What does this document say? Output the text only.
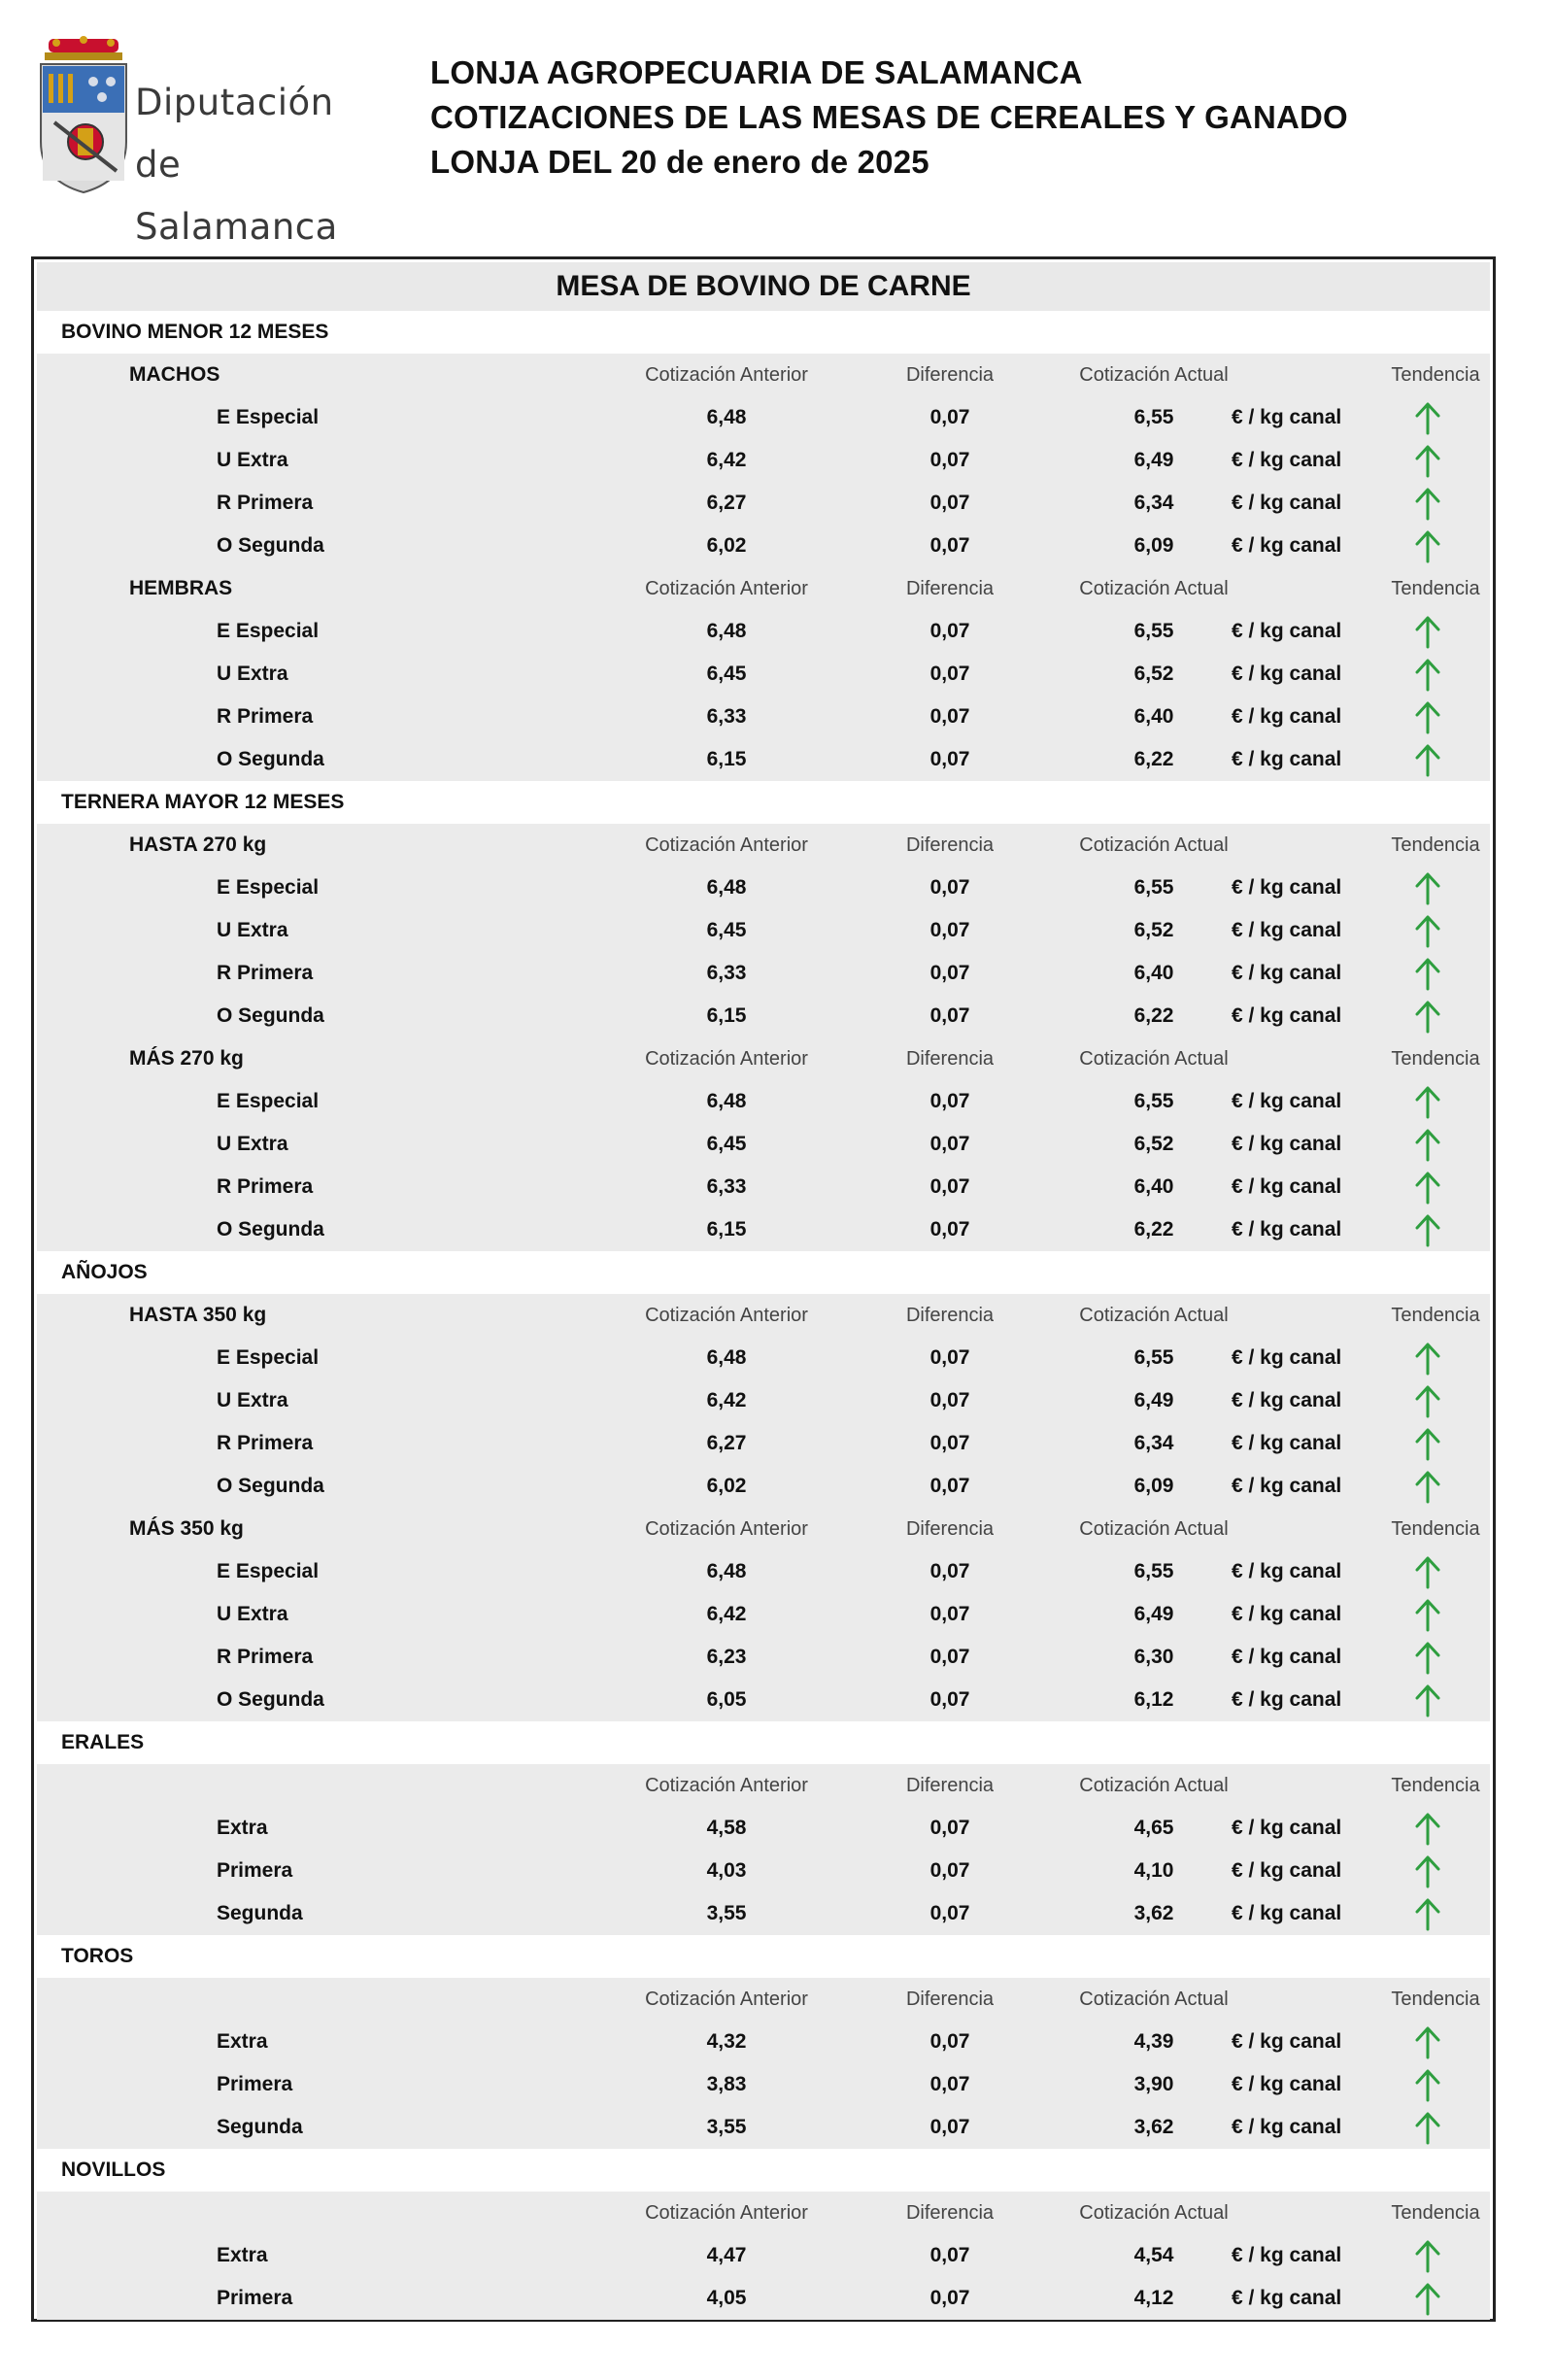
Diputación
de Salamanca
LONJA AGROPECUARIA DE SALAMANCA
COTIZACIONES DE LAS MESAS DE CEREALES Y GANADO
LONJA DEL 20 de enero de 2025
MESA DE BOVINO DE CARNE
BOVINO MENOR 12 MESES
MACHOS	Cotización Anterior	Diferencia	Cotización Actual	Tendencia
E Especial	6,48	0,07	6,55	€ / kg canal
U Extra	6,42	0,07	6,49	€ / kg canal
R Primera	6,27	0,07	6,34	€ / kg canal
O Segunda	6,02	0,07	6,09	€ / kg canal
HEMBRAS	Cotización Anterior	Diferencia	Cotización Actual	Tendencia
E Especial	6,48	0,07	6,55	€ / kg canal
U Extra	6,45	0,07	6,52	€ / kg canal
R Primera	6,33	0,07	6,40	€ / kg canal
O Segunda	6,15	0,07	6,22	€ / kg canal
TERNERA MAYOR 12 MESES
HASTA 270 kg	Cotización Anterior	Diferencia	Cotización Actual	Tendencia
E Especial	6,48	0,07	6,55	€ / kg canal
U Extra	6,45	0,07	6,52	€ / kg canal
R Primera	6,33	0,07	6,40	€ / kg canal
O Segunda	6,15	0,07	6,22	€ / kg canal
MÁS 270 kg	Cotización Anterior	Diferencia	Cotización Actual	Tendencia
E Especial	6,48	0,07	6,55	€ / kg canal
U Extra	6,45	0,07	6,52	€ / kg canal
R Primera	6,33	0,07	6,40	€ / kg canal
O Segunda	6,15	0,07	6,22	€ / kg canal
AÑOJOS
HASTA 350 kg	Cotización Anterior	Diferencia	Cotización Actual	Tendencia
E Especial	6,48	0,07	6,55	€ / kg canal
U Extra	6,42	0,07	6,49	€ / kg canal
R Primera	6,27	0,07	6,34	€ / kg canal
O Segunda	6,02	0,07	6,09	€ / kg canal
MÁS 350 kg	Cotización Anterior	Diferencia	Cotización Actual	Tendencia
E Especial	6,48	0,07	6,55	€ / kg canal
U Extra	6,42	0,07	6,49	€ / kg canal
R Primera	6,23	0,07	6,30	€ / kg canal
O Segunda	6,05	0,07	6,12	€ / kg canal
ERALES
Cotización Anterior	Diferencia	Cotización Actual	Tendencia
Extra	4,58	0,07	4,65	€ / kg canal
Primera	4,03	0,07	4,10	€ / kg canal
Segunda	3,55	0,07	3,62	€ / kg canal
TOROS
Cotización Anterior	Diferencia	Cotización Actual	Tendencia
Extra	4,32	0,07	4,39	€ / kg canal
Primera	3,83	0,07	3,90	€ / kg canal
Segunda	3,55	0,07	3,62	€ / kg canal
NOVILLOS
Cotización Anterior	Diferencia	Cotización Actual	Tendencia
Extra	4,47	0,07	4,54	€ / kg canal
Primera	4,05	0,07	4,12	€ / kg canal
